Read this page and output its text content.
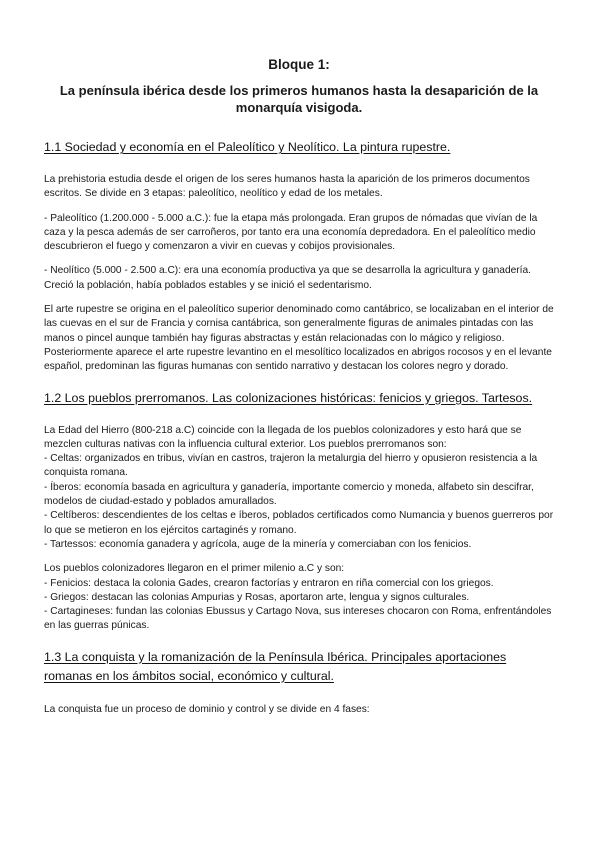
Bloque 1:
La península ibérica desde los primeros humanos hasta la desaparición de la monarquía visigoda.
1.1 Sociedad y economía en el Paleolítico y Neolítico. La pintura rupestre.

La prehistoria estudia desde el origen de los seres humanos hasta la aparición de los primeros documentos escritos. Se divide en 3 etapas: paleolítico, neolítico y edad de los metales.

- Paleolítico (1.200.000 - 5.000 a.C.): fue la etapa más prolongada. Eran grupos de nómadas que vivían de la caza y la pesca además de ser carroñeros, por tanto era una economía depredadora. En el paleolítico medio descubrieron el fuego y comenzaron a vivir en cuevas y cobijos provisionales.

- Neolítico (5.000 - 2.500 a.C): era una economía productiva ya que se desarrolla la agricultura y ganadería. Creció la población, había poblados estables y se inició el sedentarismo.

El arte rupestre se origina en el paleolítico superior denominado como cantábrico, se localizaban en el interior de las cuevas en el sur de Francia y cornisa cantábrica, son generalmente figuras de animales pintadas con las manos o pincel aunque también hay figuras abstractas y están relacionadas con lo mágico y religioso. Posteriormente aparece el arte rupestre levantino en el mesolítico localizados en abrigos rocosos y en el levante español, predominan las figuras humanas con sentido narrativo y destacan los colores negro y dorado.

1.2 Los pueblos prerromanos. Las colonizaciones históricas: fenicios y griegos. Tartesos.

La Edad del Hierro (800-218 a.C) coincide con la llegada de los pueblos colonizadores y esto hará que se mezclen culturas nativas con la influencia cultural exterior. Los pueblos prerromanos son:

- Celtas: organizados en tribus, vivían en castros, trajeron la metalurgia del hierro y opusieron resistencia a la conquista romana.

- Íberos: economía basada en agricultura y ganadería, importante comercio y moneda, alfabeto sin descifrar, modelos de ciudad-estado y poblados amurallados.

- Celtíberos: descendientes de los celtas e íberos, poblados certificados como Numancia y buenos guerreros por lo que se metieron en los ejércitos cartaginés y romano.

- Tartessos: economía ganadera y agrícola, auge de la minería y comerciaban con los fenicios.

Los pueblos colonizadores llegaron en el primer milenio a.C y son:

- Fenicios: destaca la colonia Gades, crearon factorías y entraron en riña comercial con los griegos.

- Griegos: destacan las colonias Ampurias y Rosas, aportaron arte, lengua y signos culturales.

- Cartagineses: fundan las colonias Ebussus y Cartago Nova, sus intereses chocaron con Roma, enfrentándoles en las guerras púnicas.

1.3 La conquista y la romanización de la Península Ibérica. Principales aportaciones romanas en los ámbitos social, económico y cultural.

La conquista fue un proceso de dominio y control y se divide en 4 fases:
